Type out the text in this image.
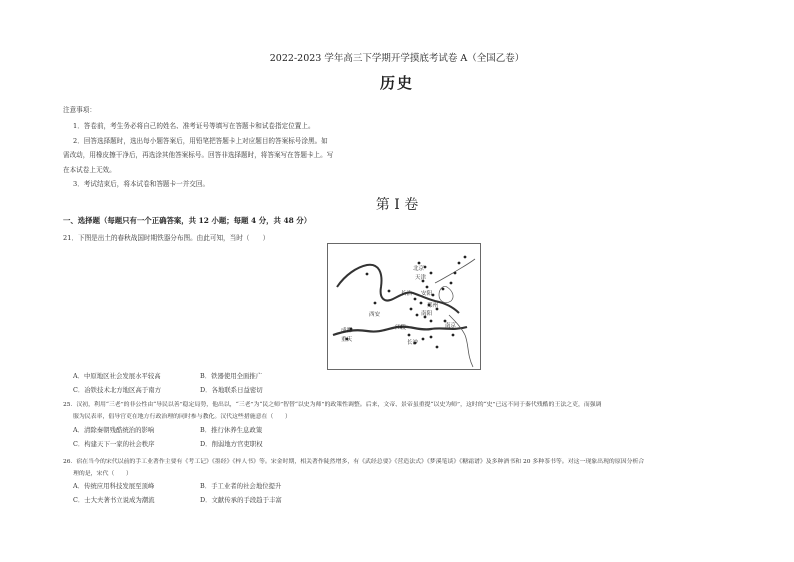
2022-2023 学年高三下学期开学摸底考试卷 A（全国乙卷）
历史
注意事项：
1．答卷前，考生务必将自己的姓名、准考证号等填写在答题卡和试卷指定位置上。
2．回答选择题时，选出每小题答案后，用铅笔把答题卡上对应题目的答案标号涂黑。如
需改动，用橡皮擦干净后，再选涂其他答案标号。回答非选择题时，将答案写在答题卡上。写
在本试卷上无效。
3．考试结束后，将本试卷和答题卡一并交回。
第 I 卷
一、选择题（每题只有一个正确答案，共 12 小题；每题 4 分，共 48 分）
21．下图是出土的春秋战国时期铁器分布图。由此可知，当时（　　）
北京
天津
长治 安阳
郑州
南阳
西安
成都
重庆
江陵
长沙
南京
A．中原地区社会发展水平较高	B．铁器使用全面推广
C．冶铁技术北方地区高于南方	D．各地联系日益密切
25．汉初，利用“三老”的非公性由“导民以善”稳定局势，他出以，“三老”为“民之师”智替“以史为师”的政策性调整。后来，文帝、景帝虽重提“以史为师”，这时的“史”已远不同于秦代残酷的王法之吏，而强调
服为民表率，倡导官吏在地方行政治理的同时参与教化。汉代这些措施意在（　　）
A．清除秦朝残酷统治的影响	B．推行休养生息政策
C．构建天下一家的社会秩序	D．削弱地方官吏职权
26．宿在当今的宋代以前的手工业著作主要有《考工记》《墨经》《梓人书》等。宋金时期，相关著作陡然增多，有《武经总要》《营造法式》《梦溪笔谈》《糖霜谱》及多种酒书和 20 多种茶书等。对这一现象出现的原因分析合
理的是，宋代（　　）
A．传统应用科技发展至顶峰	B．手工业者的社会地位提升
C．士大夫著书立说成为潮流	D．文献传承的手段趋于丰富
